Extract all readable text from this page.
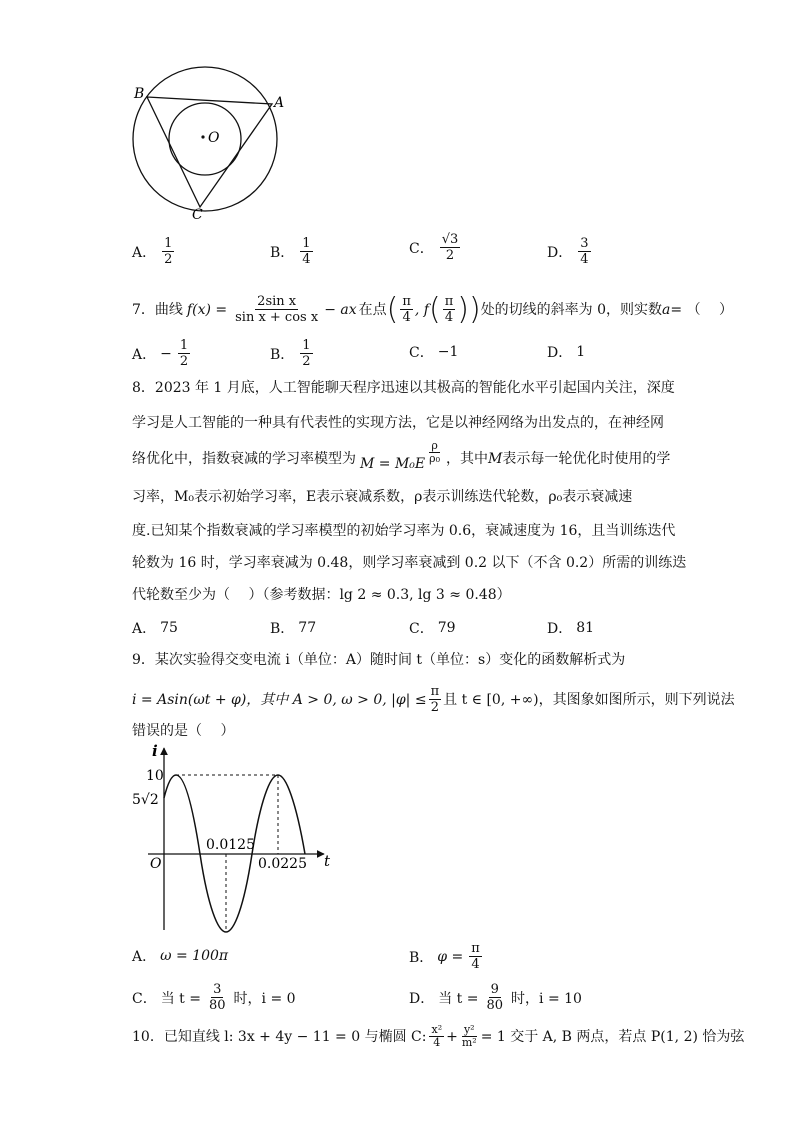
B
A
O
C
A． $\frac{1}{2}$	B． $\frac{1}{4}$	C． $\frac{√3}{2}$	D． $\frac{3}{4}$
7．曲线 $f(x) = \frac{\text{2sin x}}{\text{sin x + cos x}}$ − ax 在点 ( $\frac{\pi}{4}$ , f ( $\frac{\pi}{4}$ ) ) 处的切线的斜率为 0，则实数 a = （　 ）
A． − $\frac{1}{2}$	B． $\frac{1}{2}$	C． −1	D． 1
8．2023 年 1 月底，人工智能聊天程序迅速以其极高的智能化水平引起国内关注，深度
学习是人工智能的一种具有代表性的实现方法，它是以神经网络为出发点的，在神经网
络优化中，指数衰减的学习率模型为 $M = M_0E \frac{\rho}{\text{ρ₀}}$ ，其中 M 表示每一轮优化时使用的学
习率，M₀表示初始学习率，E表示衰减系数，ρ表示训练迭代轮数，ρ₀表示衰减速
度.已知某个指数衰减的学习率模型的初始学习率为 0.6，衰减速度为 16，且当训练迭代
轮数为 16 时，学习率衰减为 0.48，则学习率衰减到 0.2 以下（不含 0.2）所需的训练迭
代轮数至少为（　 ）（参考数据：lg 2 ≈ 0.3, lg 3 ≈ 0.48）
A． 75	B． 77	C． 79	D． 81
9．某次实验得交变电流 i（单位：A）随时间 t（单位：s）变化的函数解析式为
i = Asin(ωt + φ)，其中 A > 0, ω > 0, $|\varphi| \le \frac{\pi}{2}$ 且 t ∈ [0, +∞)，其图象如图所示，则下列说法
错误的是（　 ）
i
t
O
10
5√2
0.0125
0.0225
A． ω = 100π	B． $\varphi = \frac{\pi}{4}$
C． 当 $t = \frac{3}{80}$ 时，i = 0	D． 当 $t = \frac{9}{80}$ 时，i = 10
10．已知直线 l: 3x + 4y − 11 = 0 与椭圆 C: $\frac{\text{x²}}{4} + \frac{\text{y²}}{\text{m²}} = 1$ 交于 A, B 两点，若点 P(1, 2) 恰为弦
